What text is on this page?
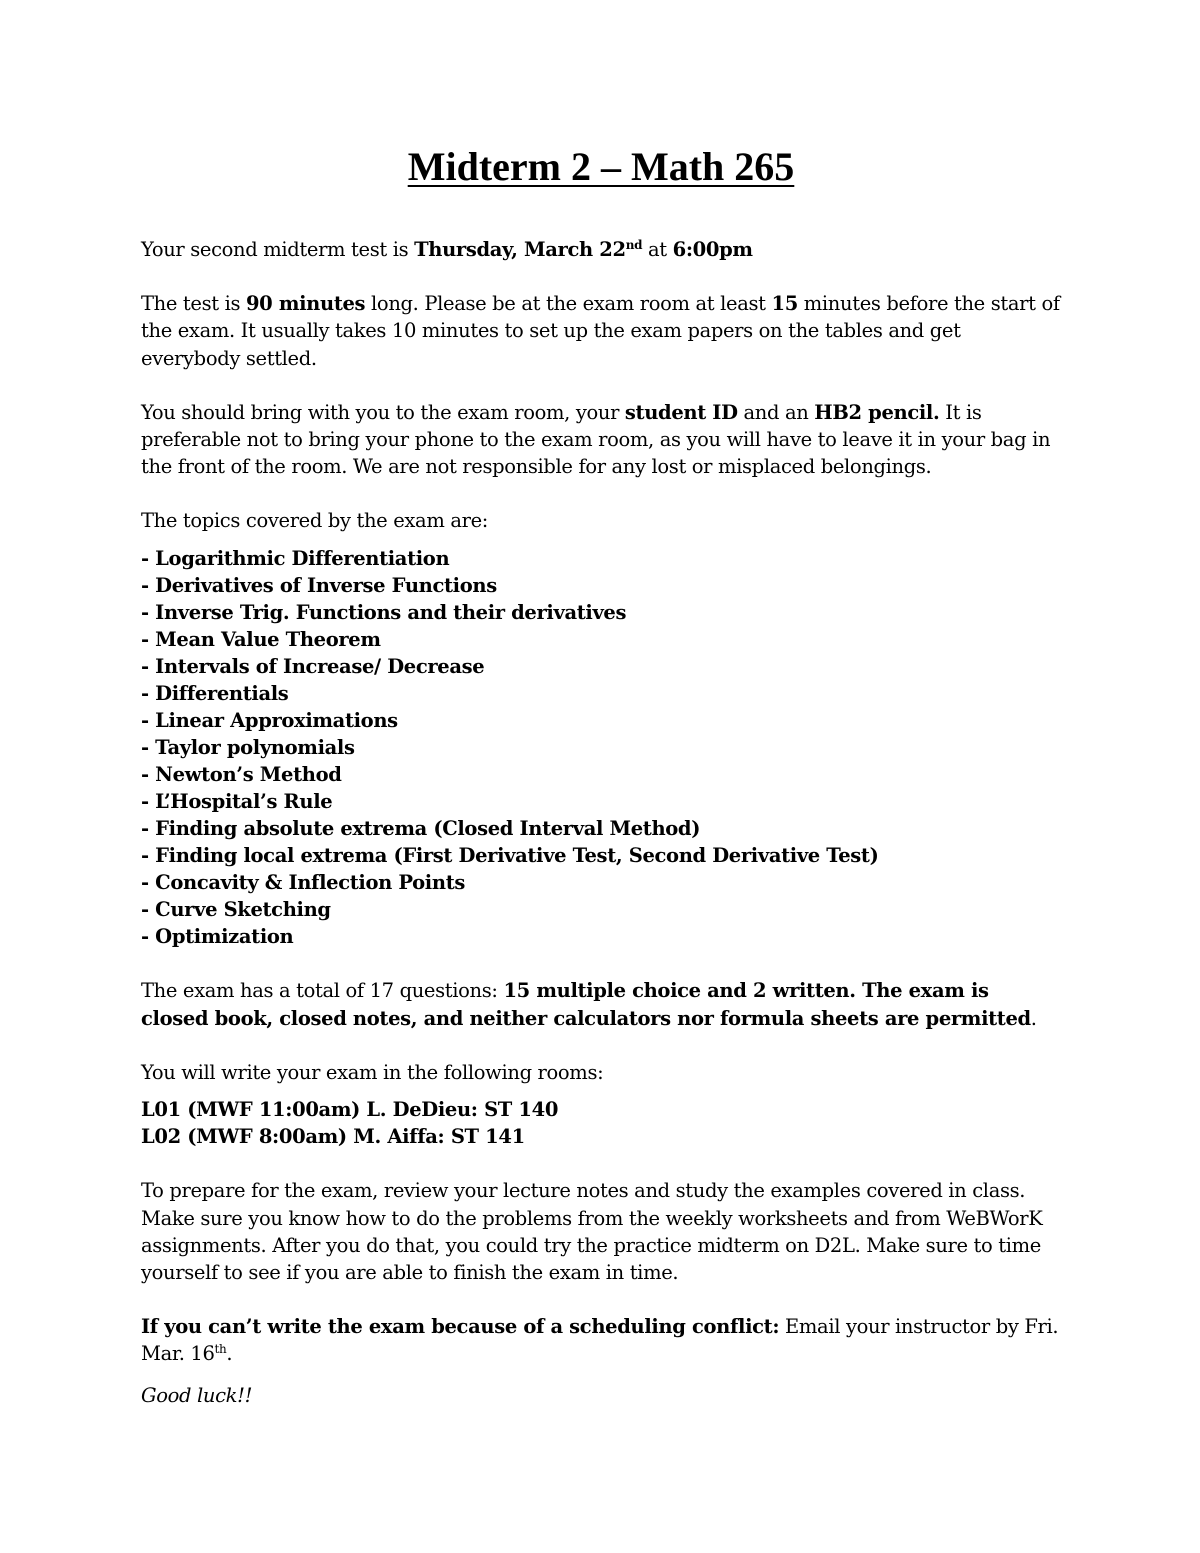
Midterm 2 – Math 265

Your second midterm test is Thursday, March 22nd at 6:00pm

The test is 90 minutes long. Please be at the exam room at least 15 minutes before the start of the exam. It usually takes 10 minutes to set up the exam papers on the tables and get everybody settled.

You should bring with you to the exam room, your student ID and an HB2 pencil. It is preferable not to bring your phone to the exam room, as you will have to leave it in your bag in the front of the room. We are not responsible for any lost or misplaced belongings.

The topics covered by the exam are:

- Logarithmic Differentiation
- Derivatives of Inverse Functions
- Inverse Trig. Functions and their derivatives
- Mean Value Theorem
- Intervals of Increase/ Decrease
- Differentials
- Linear Approximations
- Taylor polynomials
- Newton’s Method
- L’Hospital’s Rule
- Finding absolute extrema (Closed Interval Method)
- Finding local extrema (First Derivative Test, Second Derivative Test)
- Concavity & Inflection Points
- Curve Sketching
- Optimization

The exam has a total of 17 questions: 15 multiple choice and 2 written. The exam is closed book, closed notes, and neither calculators nor formula sheets are permitted.

You will write your exam in the following rooms:

L01 (MWF 11:00am) L. DeDieu: ST 140

L02 (MWF 8:00am) M. Aiffa: ST 141

To prepare for the exam, review your lecture notes and study the examples covered in class. Make sure you know how to do the problems from the weekly worksheets and from WeBWorK assignments. After you do that, you could try the practice midterm on D2L. Make sure to time yourself to see if you are able to finish the exam in time.

If you can’t write the exam because of a scheduling conflict: Email your instructor by Fri. Mar. 16th.

Good luck!!
